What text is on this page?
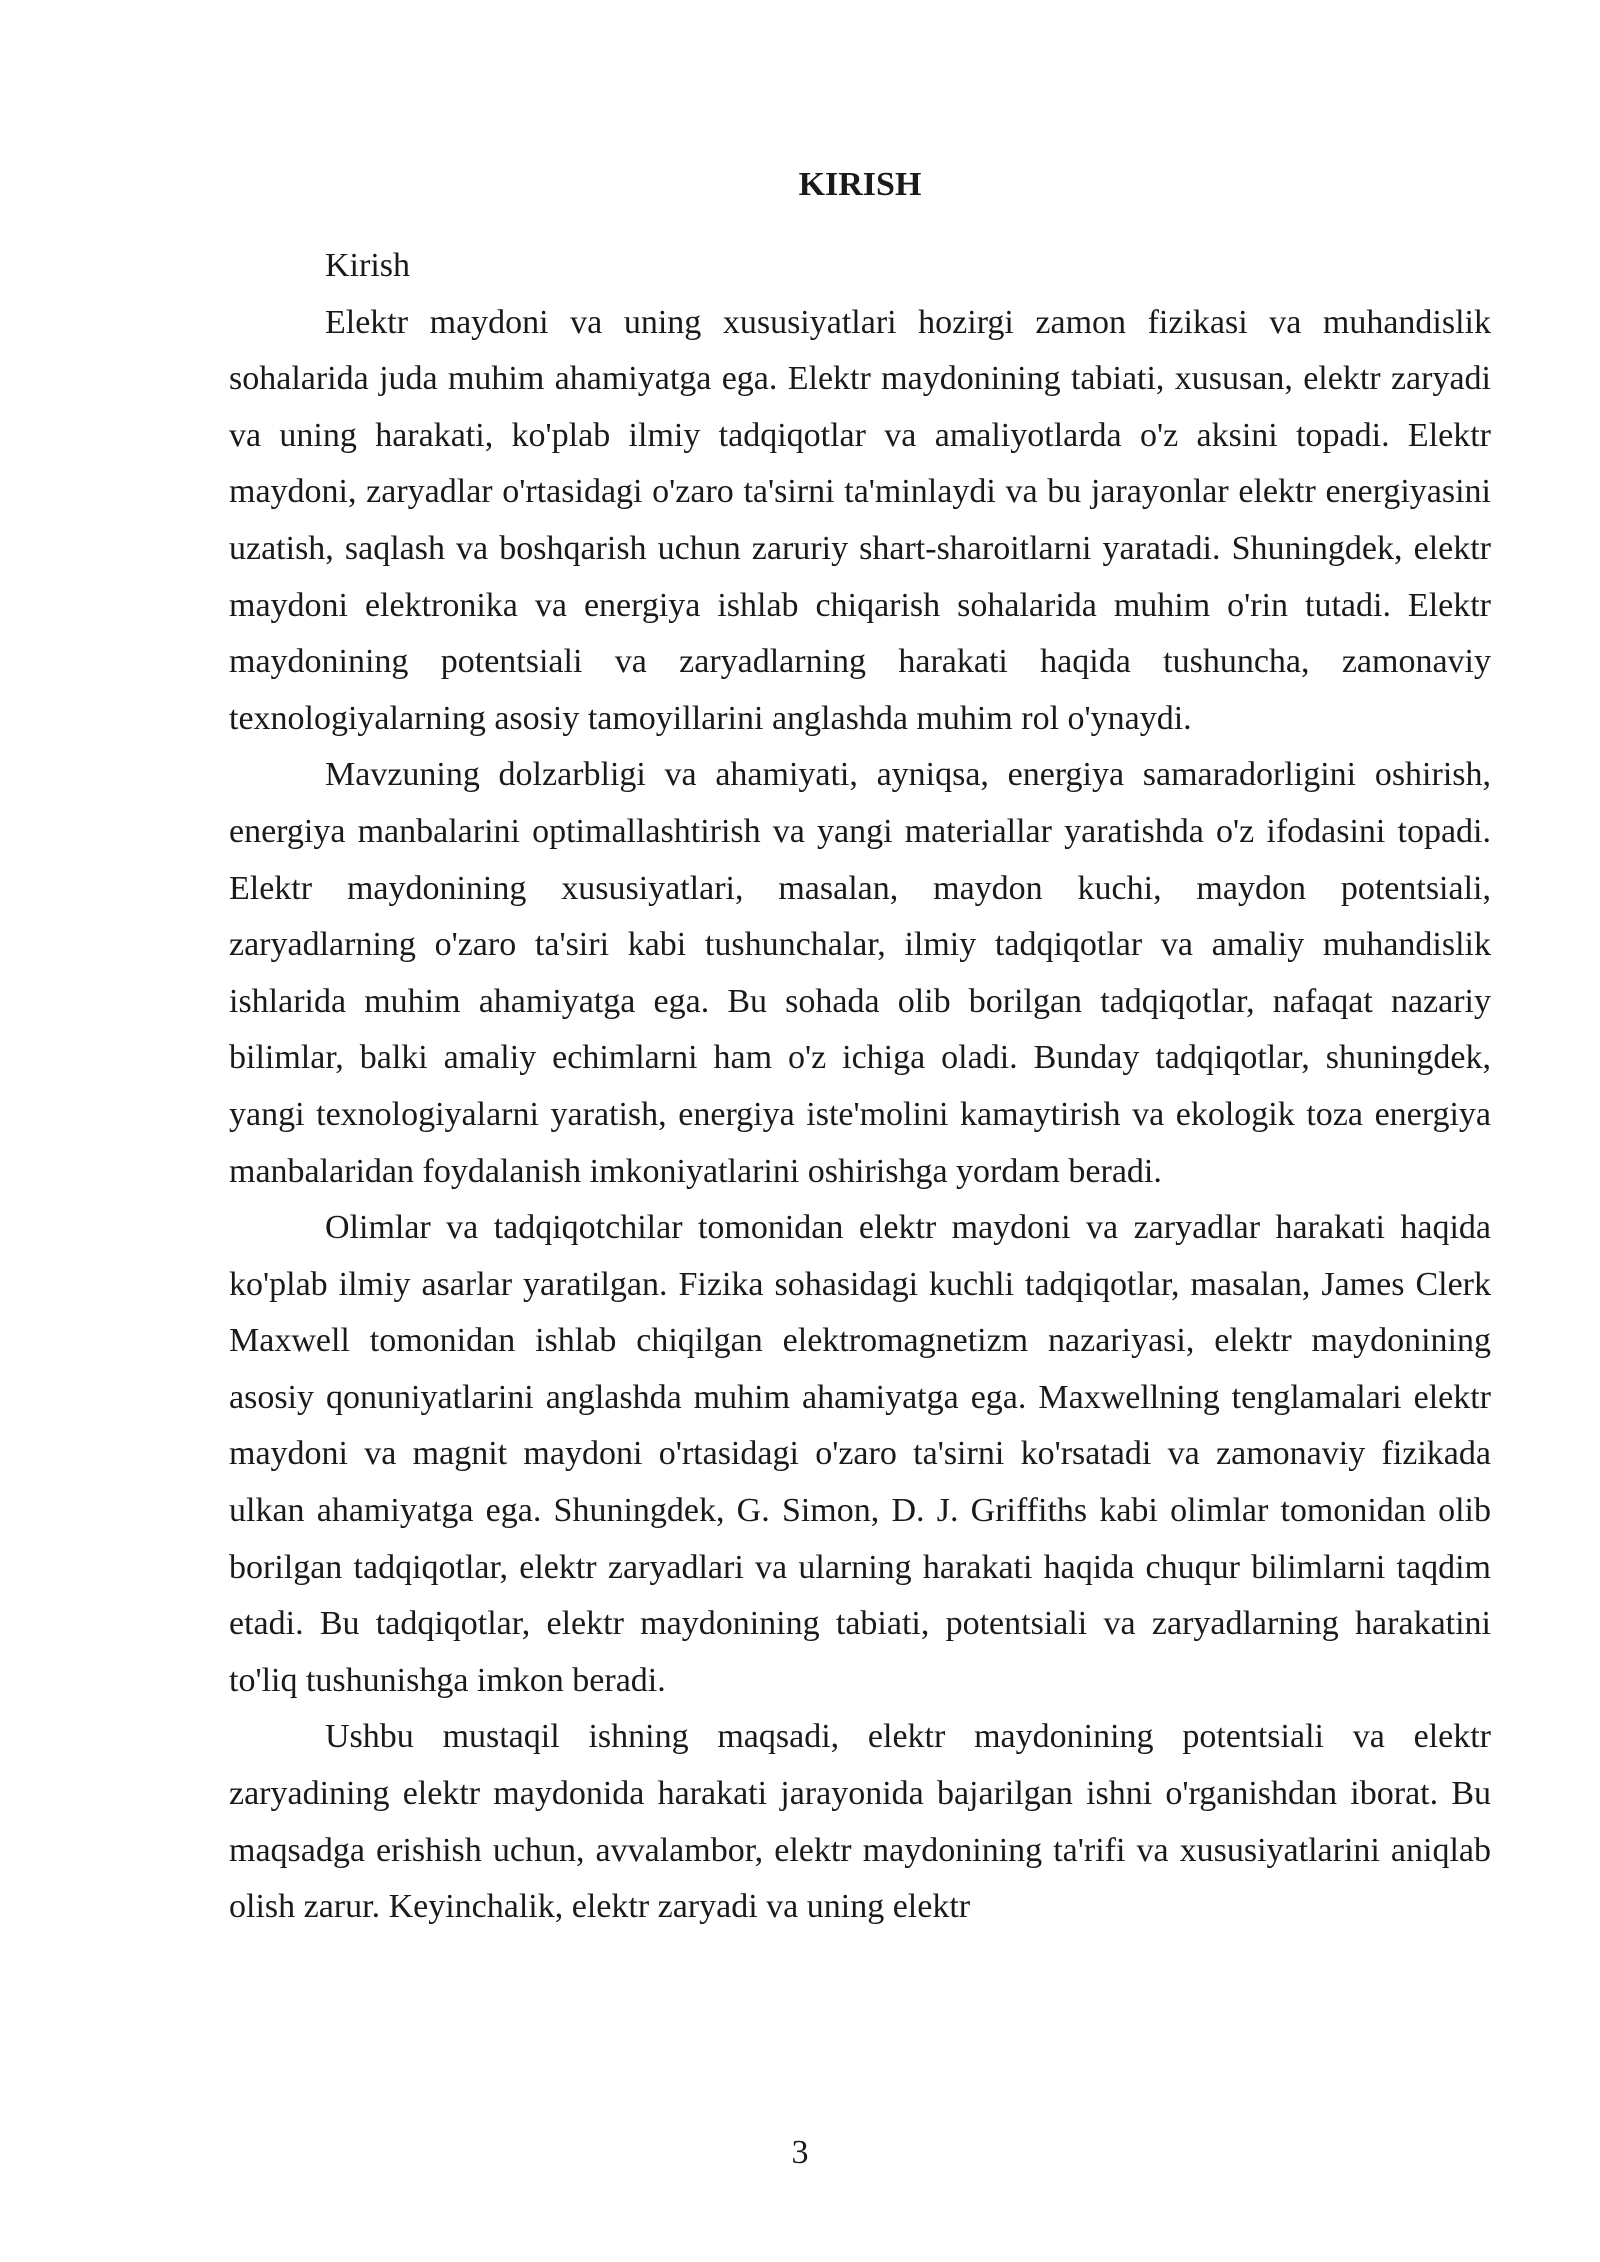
KIRISH

Kirish

Elektr maydoni va uning xususiyatlari hozirgi zamon fizikasi va muhandislik sohalarida juda muhim ahamiyatga ega. Elektr maydonining tabiati, xususan, elektr zaryadi va uning harakati, ko'plab ilmiy tadqiqotlar va amaliyotlarda o'z aksini topadi. Elektr maydoni, zaryadlar o'rtasidagi o'zaro ta'sirni ta'minlaydi va bu jarayonlar elektr energiyasini uzatish, saqlash va boshqarish uchun zaruriy shart-sharoitlarni yaratadi. Shuningdek, elektr maydoni elektronika va energiya ishlab chiqarish sohalarida muhim o'rin tutadi. Elektr maydonining potentsiali va zaryadlarning harakati haqida tushuncha, zamonaviy texnologiyalarning asosiy tamoyillarini anglashda muhim rol o'ynaydi.

Mavzuning dolzarbligi va ahamiyati, ayniqsa, energiya samaradorligini oshirish, energiya manbalarini optimallashtirish va yangi materiallar yaratishda o'z ifodasini topadi. Elektr maydonining xususiyatlari, masalan, maydon kuchi, maydon potentsiali, zaryadlarning o'zaro ta'siri kabi tushunchalar, ilmiy tadqiqotlar va amaliy muhandislik ishlarida muhim ahamiyatga ega. Bu sohada olib borilgan tadqiqotlar, nafaqat nazariy bilimlar, balki amaliy echimlarni ham o'z ichiga oladi. Bunday tadqiqotlar, shuningdek, yangi texnologiyalarni yaratish, energiya iste'molini kamaytirish va ekologik toza energiya manbalaridan foydalanish imkoniyatlarini oshirishga yordam beradi.

Olimlar va tadqiqotchilar tomonidan elektr maydoni va zaryadlar harakati haqida ko'plab ilmiy asarlar yaratilgan. Fizika sohasidagi kuchli tadqiqotlar, masalan, James Clerk Maxwell tomonidan ishlab chiqilgan elektromagnetizm nazariyasi, elektr maydonining asosiy qonuniyatlarini anglashda muhim ahamiyatga ega. Maxwellning tenglamalari elektr maydoni va magnit maydoni o'rtasidagi o'zaro ta'sirni ko'rsatadi va zamonaviy fizikada ulkan ahamiyatga ega. Shuningdek, G. Simon, D. J. Griffiths kabi olimlar tomonidan olib borilgan tadqiqotlar, elektr zaryadlari va ularning harakati haqida chuqur bilimlarni taqdim etadi. Bu tadqiqotlar, elektr maydonining tabiati, potentsiali va zaryadlarning harakatini to'liq tushunishga imkon beradi.

Ushbu mustaqil ishning maqsadi, elektr maydonining potentsiali va elektr zaryadining elektr maydonida harakati jarayonida bajarilgan ishni o'rganishdan iborat. Bu maqsadga erishish uchun, avvalambor, elektr maydonining ta'rifi va xususiyatlarini aniqlab olish zarur. Keyinchalik, elektr zaryadi va uning elektr

3
